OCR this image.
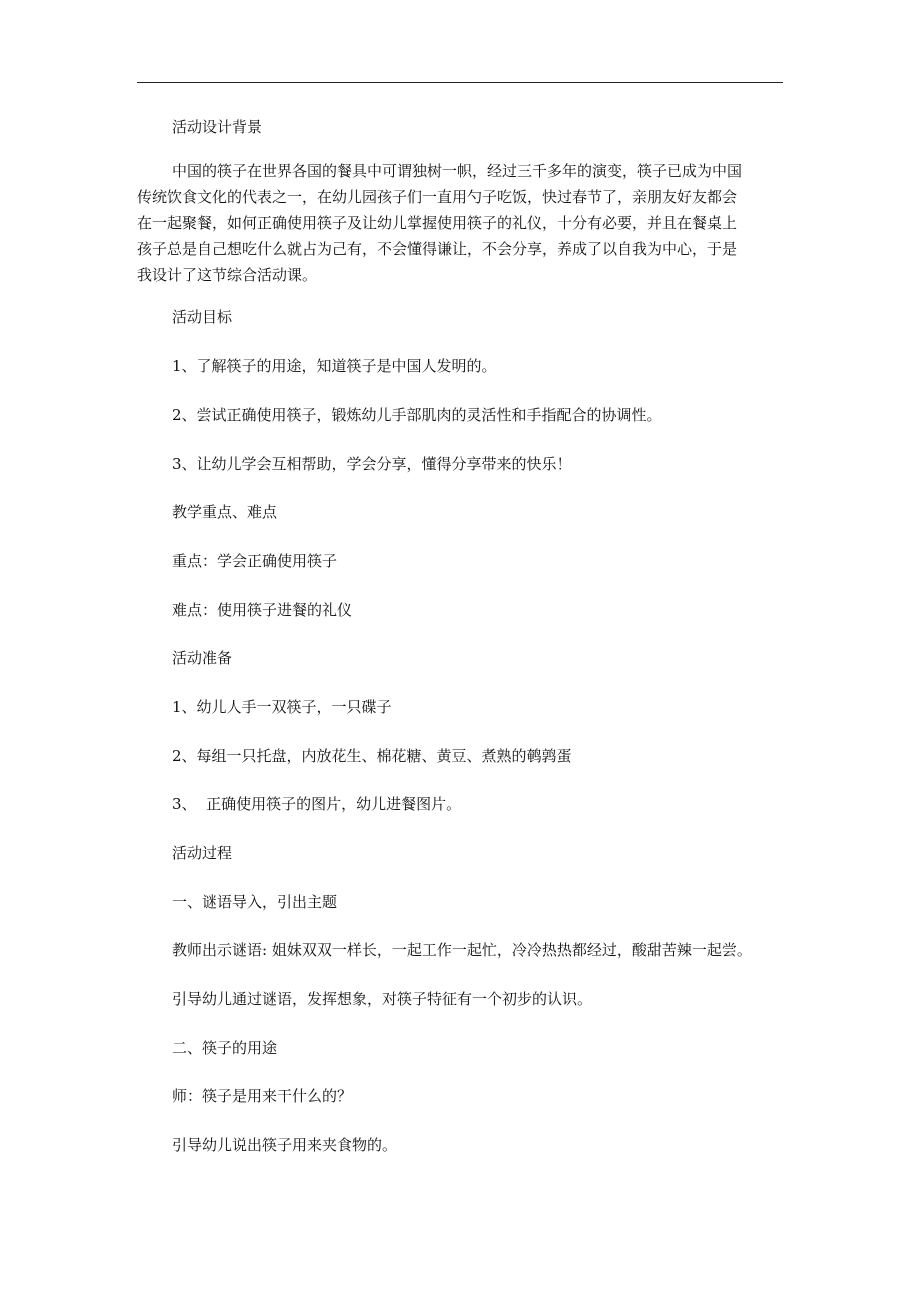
活动设计背景

中国的筷子在世界各国的餐具中可谓独树一帜，经过三千多年的演变，筷子已成为中国

传统饮食文化的代表之一，在幼儿园孩子们一直用勺子吃饭，快过春节了，亲朋友好友都会

在一起聚餐，如何正确使用筷子及让幼儿掌握使用筷子的礼仪，十分有必要，并且在餐桌上

孩子总是自己想吃什么就占为己有，不会懂得谦让，不会分享，养成了以自我为中心，于是

我设计了这节综合活动课。

活动目标

1、了解筷子的用途，知道筷子是中国人发明的。

2、尝试正确使用筷子，锻炼幼儿手部肌肉的灵活性和手指配合的协调性。

3、让幼儿学会互相帮助，学会分享，懂得分享带来的快乐！

教学重点、难点

重点：学会正确使用筷子

难点：使用筷子进餐的礼仪

活动准备

1、幼儿人手一双筷子，一只碟子

2、每组一只托盘，内放花生、棉花糖、黄豆、煮熟的鹌鹑蛋

3、  正确使用筷子的图片，幼儿进餐图片。

活动过程

一、谜语导入，引出主题

教师出示谜语: 姐妹双双一样长，一起工作一起忙，冷冷热热都经过，酸甜苦辣一起尝。

引导幼儿通过谜语，发挥想象，对筷子特征有一个初步的认识。

二、筷子的用途

师：筷子是用来干什么的？

引导幼儿说出筷子用来夹食物的。
